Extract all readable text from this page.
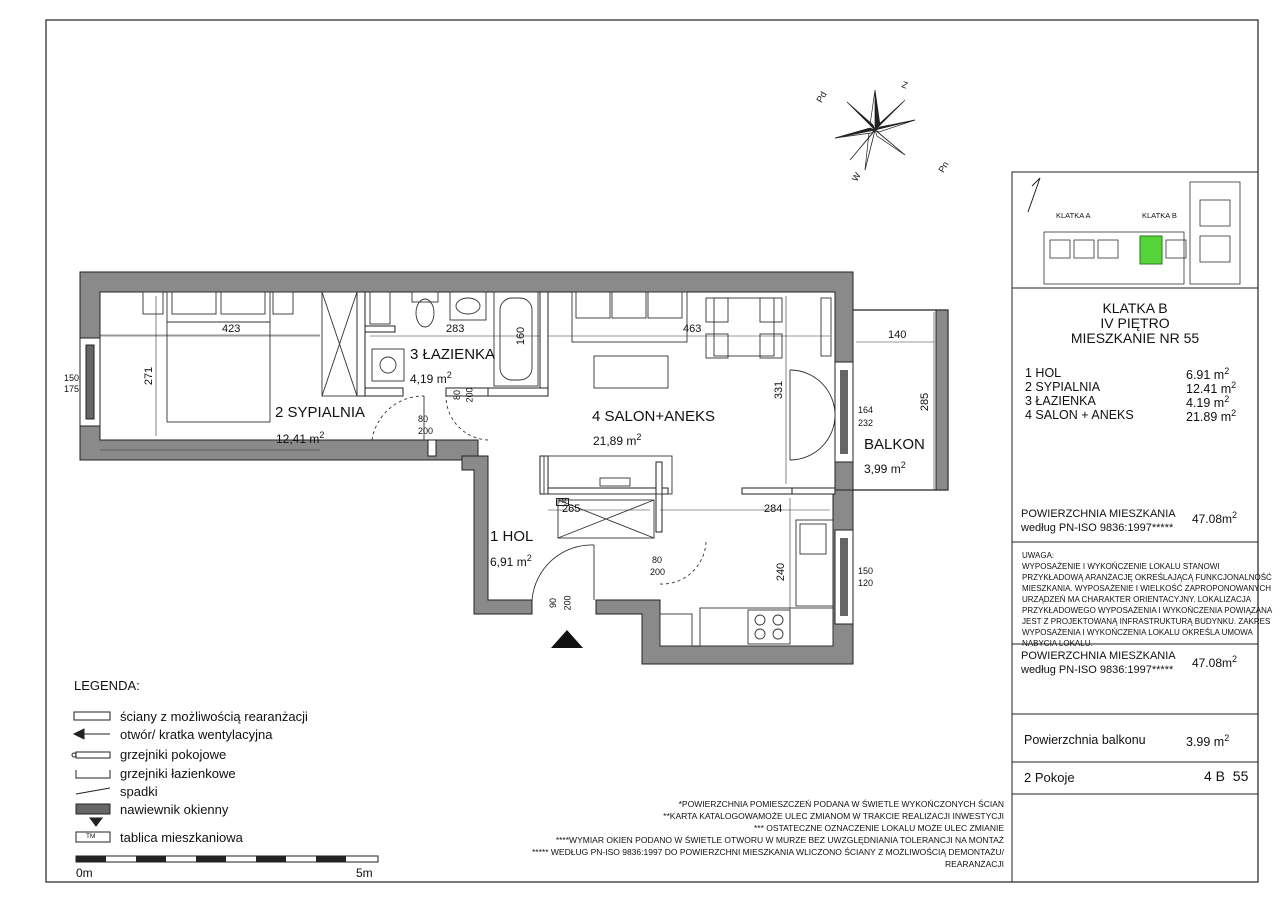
2 SYPIALNIA
12,41 $m^2$
3 ŁAZIENKA
4,19 $m^2$
4 SALON+ANEKS
21,89 $m^2$
1 HOL
6,91 $m^2$
BALKON
3,99 $m^2$
423
271
283	160	463	140
285
331
265	284
240
150
175
164
232
150
120
80
200
80 200
80
200
90 200
TM
Pd
Z
Pn
W
KLATKA A	KLATKA B
KLATKA B
IV PIĘTRO
MIESZKANIE NR 55
1 HOL	6.91 $m^2$
2 SYPIALNIA	12.41 $m^2$
3 ŁAZIENKA	4.19 $m^2$
4 SALON + ANEKS	21.89 $m^2$
POWIERZCHNIA MIESZKANIA
według PN-ISO 9836:1997*****
$47.08m^2$
UWAGA:
WYPOSAŻENIE I WYKOŃCZENIE LOKALU STANOWI
PRZYKŁADOWĄ ARANŻACJĘ OKREŚLAJĄCĄ FUNKCJONALNOŚĆ
MIESZKANIA. WYPOSAŻENIE I WIELKOŚĆ ZAPROPONOWANYCH
URZĄDZEŃ MA CHARAKTER ORIENTACYJNY. LOKALIZACJA
PRZYKŁADOWEGO WYPOSAŻENIA I WYKOŃCZENIA POWIĄZANA
JEST Z PROJEKTOWANĄ INFRASTRUKTURĄ BUDYNKU. ZAKRES
WYPOSAŻENIA I WYKOŃCZENIA LOKALU OKREŚLA UMOWA
NABYCIA LOKALU.
POWIERZCHNIA MIESZKANIA
według PN-ISO 9836:1997***** $47.08m^2$
Powierzchnia balkonu	3.99 $m^2$
2 Pokoje	4 B  55
LEGENDA:
ściany z możliwością rearanżacji
otwór/ kratka wentylacyjna
grzejniki pokojowe
grzejniki łazienkowe
spadki
nawiewnik okienny
tablica mieszkaniowa
TM
0m	5m
*POWIERZCHNIA POMIESZCZEŃ PODANA W ŚWIETLE WYKOŃCZONYCH ŚCIAN
**KARTA KATALOGOWAMOŻE ULEC ZMIANOM W TRAKCIE REALIZACJI INWESTYCJI
*** OSTATECZNE OZNACZENIE LOKALU MOŻE ULEC ZMIANIE
****WYMIAR OKIEN PODANO W ŚWIETLE OTWORU W MURZE BEZ UWZGLĘDNIANIA TOLERANCJI NA MONTAŻ
***** WEDŁUG PN-ISO 9836:1997 DO POWIERZCHNI MIESZKANIA WLICZONO ŚCIANY Z MOŻLIWOŚCIĄ DEMONTAŻU/
REARANŻACJI
